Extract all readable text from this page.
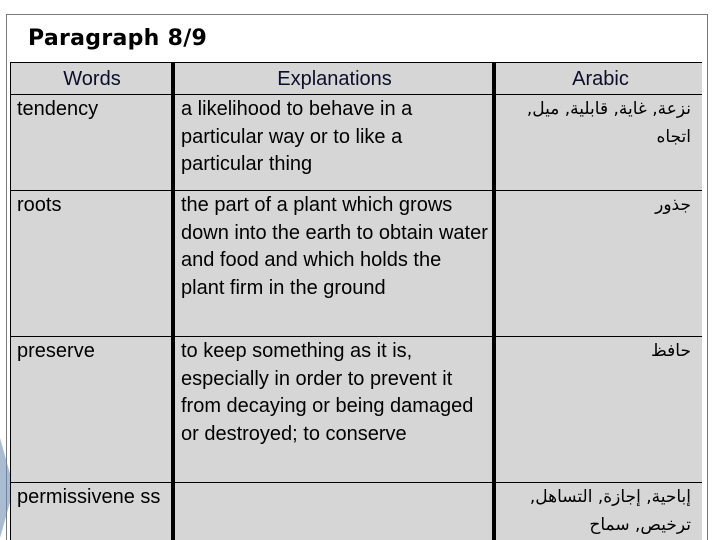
Paragraph 8/9
Words	Explanations	Arabic
tendency	a likelihood to behave in a particular way or to like a particular thing	نزعة, غاية, قابلية, ميل, اتجاه
roots	the part of a plant which grows down into the earth to obtain water and food and which holds the plant firm in the ground	جذور
preserve	to keep something as it is, especially in order to prevent it from decaying or being damaged or destroyed; to conserve	حافظ
permissivene ss		إباحية, إجازة, التساهل, ترخيص, سماح
